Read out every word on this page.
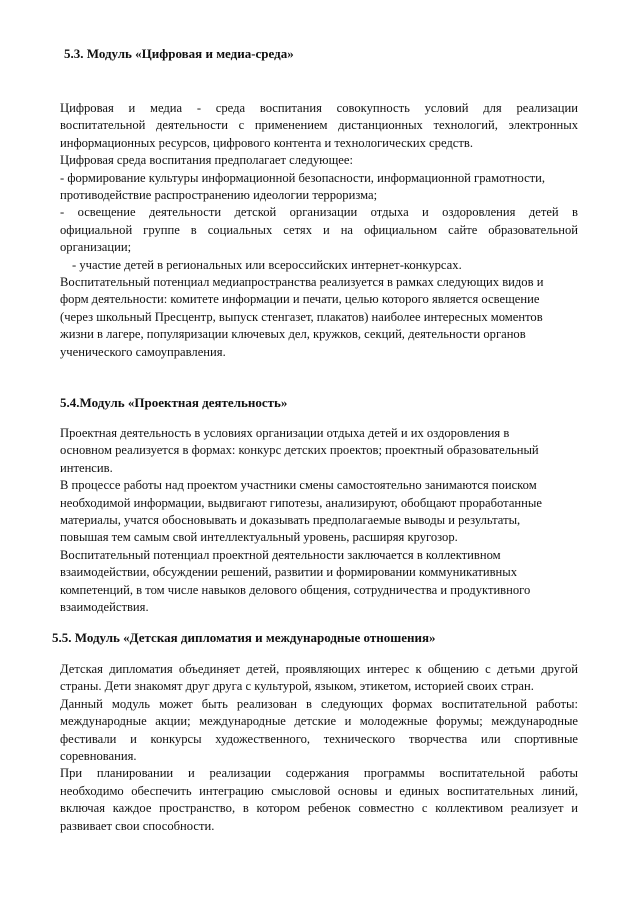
5.3. Модуль «Цифровая и медиа-среда»
Цифровая и медиа - среда воспитания совокупность условий для реализации
воспитательной деятельности с применением дистанционных технологий, электронных
информационных ресурсов, цифрового контента и технологических средств.
Цифровая среда воспитания предполагает следующее:
- формирование культуры информационной безопасности, информационной грамотности,
противодействие распространению идеологии терроризма;
- освещение деятельности детской организации отдыха и оздоровления детей в
официальной группе в социальных сетях и на официальном сайте образовательной
организации;
- участие детей в региональных или всероссийских интернет-конкурсах.
Воспитательный потенциал медиапространства реализуется в рамках следующих видов и
форм деятельности: комитете информации и печати, целью которого является освещение
(через школьный Пресцентр, выпуск стенгазет, плакатов) наиболее интересных моментов
жизни в лагере, популяризации ключевых дел, кружков, секций, деятельности органов
ученического самоуправления.
5.4.Модуль «Проектная деятельность»
Проектная деятельность в условиях организации отдыха детей и их оздоровления в
основном реализуется в формах: конкурс детских проектов; проектный образовательный
интенсив.
В процессе работы над проектом участники смены самостоятельно занимаются поиском
необходимой информации, выдвигают гипотезы, анализируют, обобщают проработанные
материалы, учатся обосновывать и доказывать предполагаемые выводы и результаты,
повышая тем самым свой интеллектуальный уровень, расширяя кругозор.
Воспитательный потенциал проектной деятельности заключается в коллективном
взаимодействии, обсуждении решений, развитии и формировании коммуникативных
компетенций, в том числе навыков делового общения, сотрудничества и продуктивного
взаимодействия.
5.5. Модуль «Детская дипломатия и международные отношения»
Детская дипломатия объединяет детей, проявляющих интерес к общению с детьми другой
страны. Дети знакомят друг друга с культурой, языком, этикетом, историей своих стран.
Данный модуль может быть реализован в следующих формах воспитательной работы:
международные акции; международные детские и молодежные форумы; международные
фестивали и конкурсы художественного, технического творчества или спортивные
соревнования.
При планировании и реализации содержания программы воспитательной работы
необходимо обеспечить интеграцию смысловой основы и единых воспитательных линий,
включая каждое пространство, в котором ребенок совместно с коллективом реализует и
развивает свои способности.
